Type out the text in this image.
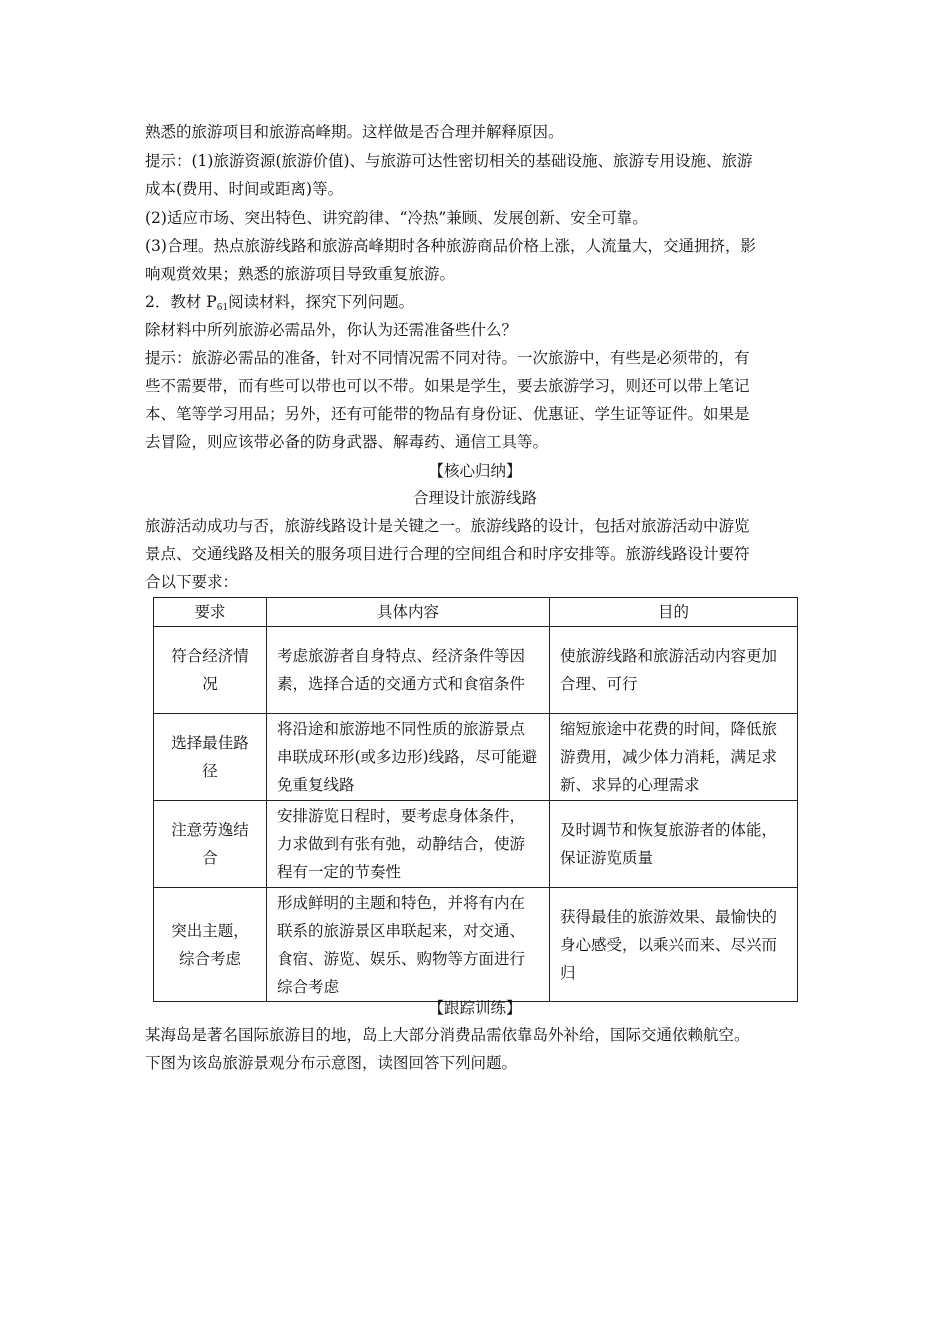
熟悉的旅游项目和旅游高峰期。这样做是否合理并解释原因。
提示：(1)旅游资源(旅游价值)、与旅游可达性密切相关的基础设施、旅游专用设施、旅游
成本(费用、时间或距离)等。
(2)适应市场、突出特色、讲究韵律、“冷热”兼顾、发展创新、安全可靠。
(3)合理。热点旅游线路和旅游高峰期时各种旅游商品价格上涨，人流量大，交通拥挤，影
响观赏效果；熟悉的旅游项目导致重复旅游。
2．教材 $P_{61}$阅读材料，探究下列问题。
除材料中所列旅游必需品外，你认为还需准备些什么？
提示：旅游必需品的准备，针对不同情况需不同对待。一次旅游中，有些是必须带的，有
些不需要带，而有些可以带也可以不带。如果是学生，要去旅游学习，则还可以带上笔记
本、笔等学习用品；另外，还有可能带的物品有身份证、优惠证、学生证等证件。如果是
去冒险，则应该带必备的防身武器、解毒药、通信工具等。
【核心归纳】
合理设计旅游线路
旅游活动成功与否，旅游线路设计是关键之一。旅游线路的设计，包括对旅游活动中游览
景点、交通线路及相关的服务项目进行合理的空间组合和时序安排等。旅游线路设计要符
合以下要求：
要求	具体内容	目的

符合经济情况	考虑旅游者自身特点、经济条件等因素，选择合适的交通方式和食宿条件	使旅游线路和旅游活动内容更加合理、可行

选择最佳路径	将沿途和旅游地不同性质的旅游景点串联成环形(或多边形)线路，尽可能避免重复线路	缩短旅途中花费的时间，降低旅游费用，减少体力消耗，满足求新、求异的心理需求

注意劳逸结合	安排游览日程时，要考虑身体条件，力求做到有张有弛，动静结合，使游程有一定的节奏性	及时调节和恢复旅游者的体能，保证游览质量

突出主题，综合考虑	形成鲜明的主题和特色，并将有内在联系的旅游景区串联起来，对交通、食宿、游览、娱乐、购物等方面进行综合考虑	获得最佳的旅游效果、最愉快的身心感受，以乘兴而来、尽兴而归
【跟踪训练】
某海岛是著名国际旅游目的地，岛上大部分消费品需依靠岛外补给，国际交通依赖航空。
下图为该岛旅游景观分布示意图，读图回答下列问题。
